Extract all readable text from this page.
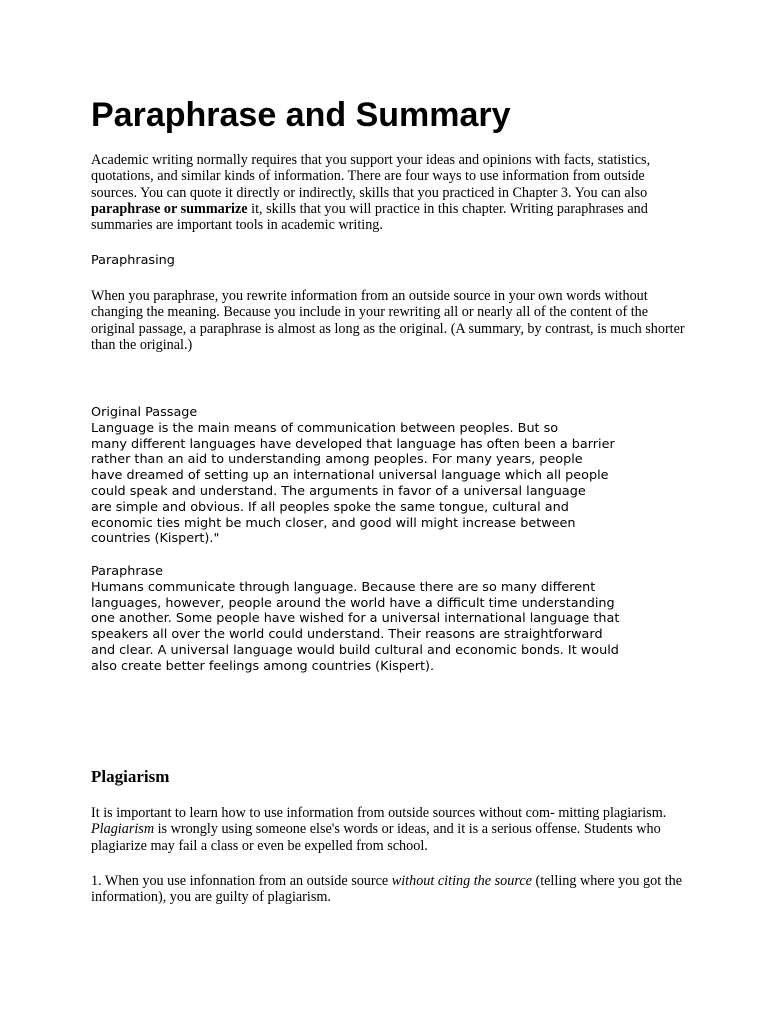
Paraphrase and Summary

Academic writing normally requires that you support your ideas and opinions with facts, statistics,
quotations, and similar kinds of information. There are four ways to use information from outside
sources. You can quote it directly or indirectly, skills that you practiced in Chapter 3. You can also
paraphrase or summarize it, skills that you will practice in this chapter. Writing paraphrases and
summaries are important tools in academic writing.

Paraphrasing

When you paraphrase, you rewrite information from an outside source in your own words without
changing the meaning. Because you include in your rewriting all or nearly all of the content of the
original passage, a paraphrase is almost as long as the original. (A summary, by contrast, is much shorter
than the original.)

Original Passage
Language is the main means of communication between peoples. But so
many different languages have developed that language has often been a barrier
rather than an aid to understanding among peoples. For many years, people
have dreamed of setting up an international universal language which all people
could speak and understand. The arguments in favor of a universal language
are simple and obvious. If all peoples spoke the same tongue, cultural and
economic ties might be much closer, and good will might increase between
countries (Kispert)."
Paraphrase
Humans communicate through language. Because there are so many different
languages, however, people around the world have a difficult time understanding
one another. Some people have wished for a universal international language that
speakers all over the world could understand. Their reasons are straightforward
and clear. A universal language would build cultural and economic bonds. It would
also create better feelings among countries (Kispert).
Plagiarism

It is important to learn how to use information from outside sources without com- mitting plagiarism.
Plagiarism is wrongly using someone else's words or ideas, and it is a serious offense. Students who
plagiarize may fail a class or even be expelled from school.

1. When you use infonnation from an outside source without citing the source (telling where you got the
information), you are guilty of plagiarism.
